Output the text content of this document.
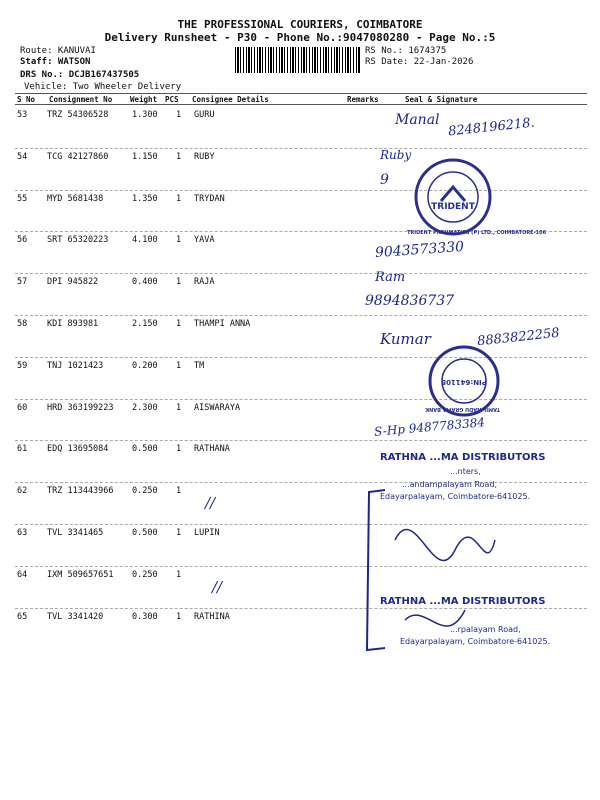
THE PROFESSIONAL COURIERS, COIMBATORE
Delivery Runsheet - P30 - Phone No.:9047080280 - Page No.:5
Route: KANUVAI
Staff: WATSON
DRS No.: DCJB167437505
Vehicle: Two Wheeler Delivery
RS No.: 1674375
RS Date: 22-Jan-2026
S No Consignment No Weight PCS Consignee Details	Remarks	Seal & Signature
53 TRZ 54306528	1.300 1 GURU
54 TCG 42127860	1.150 1 RUBY
55 MYD 5681438	1.350 1 TRYDAN
56 SRT 65320223	4.100 1 YAVA
57 DPI 945822	0.400 1 RAJA
58 KDI 893981	2.150 1 THAMPI ANNA
59 TNJ 1021423	0.200 1 TM
60 HRD 363199223 2.300 1 AISWARAYA
61 EDQ 13695084	0.500 1 RATHANA
62 TRZ 113443966 0.250 1
63 TVL 3341465	0.500 1 LUPIN
64 IXM 509657651 0.250 1
65 TVL 3341420	0.300 1 RATHINA
TRIDENT
TRIDENT PNEUMATICS (P) LTD., COIMBATORE-106
PIN:641108
TAMIL NADU GRAMA BANK
RATHNA ...MA DISTRIBUTORS
...nters,
...andampalayam Road,
Edayarpalayam, Coimbatore-641025.
RATHNA ...MA DISTRIBUTORS
...rpalayam Road,
Edayarpalayam, Coimbatore-641025.
Manal 8248196218.
Ruby
9
9043573330
Ram
9894836737
Kumar	8883822258
S-Hp 9487783384
//
//
